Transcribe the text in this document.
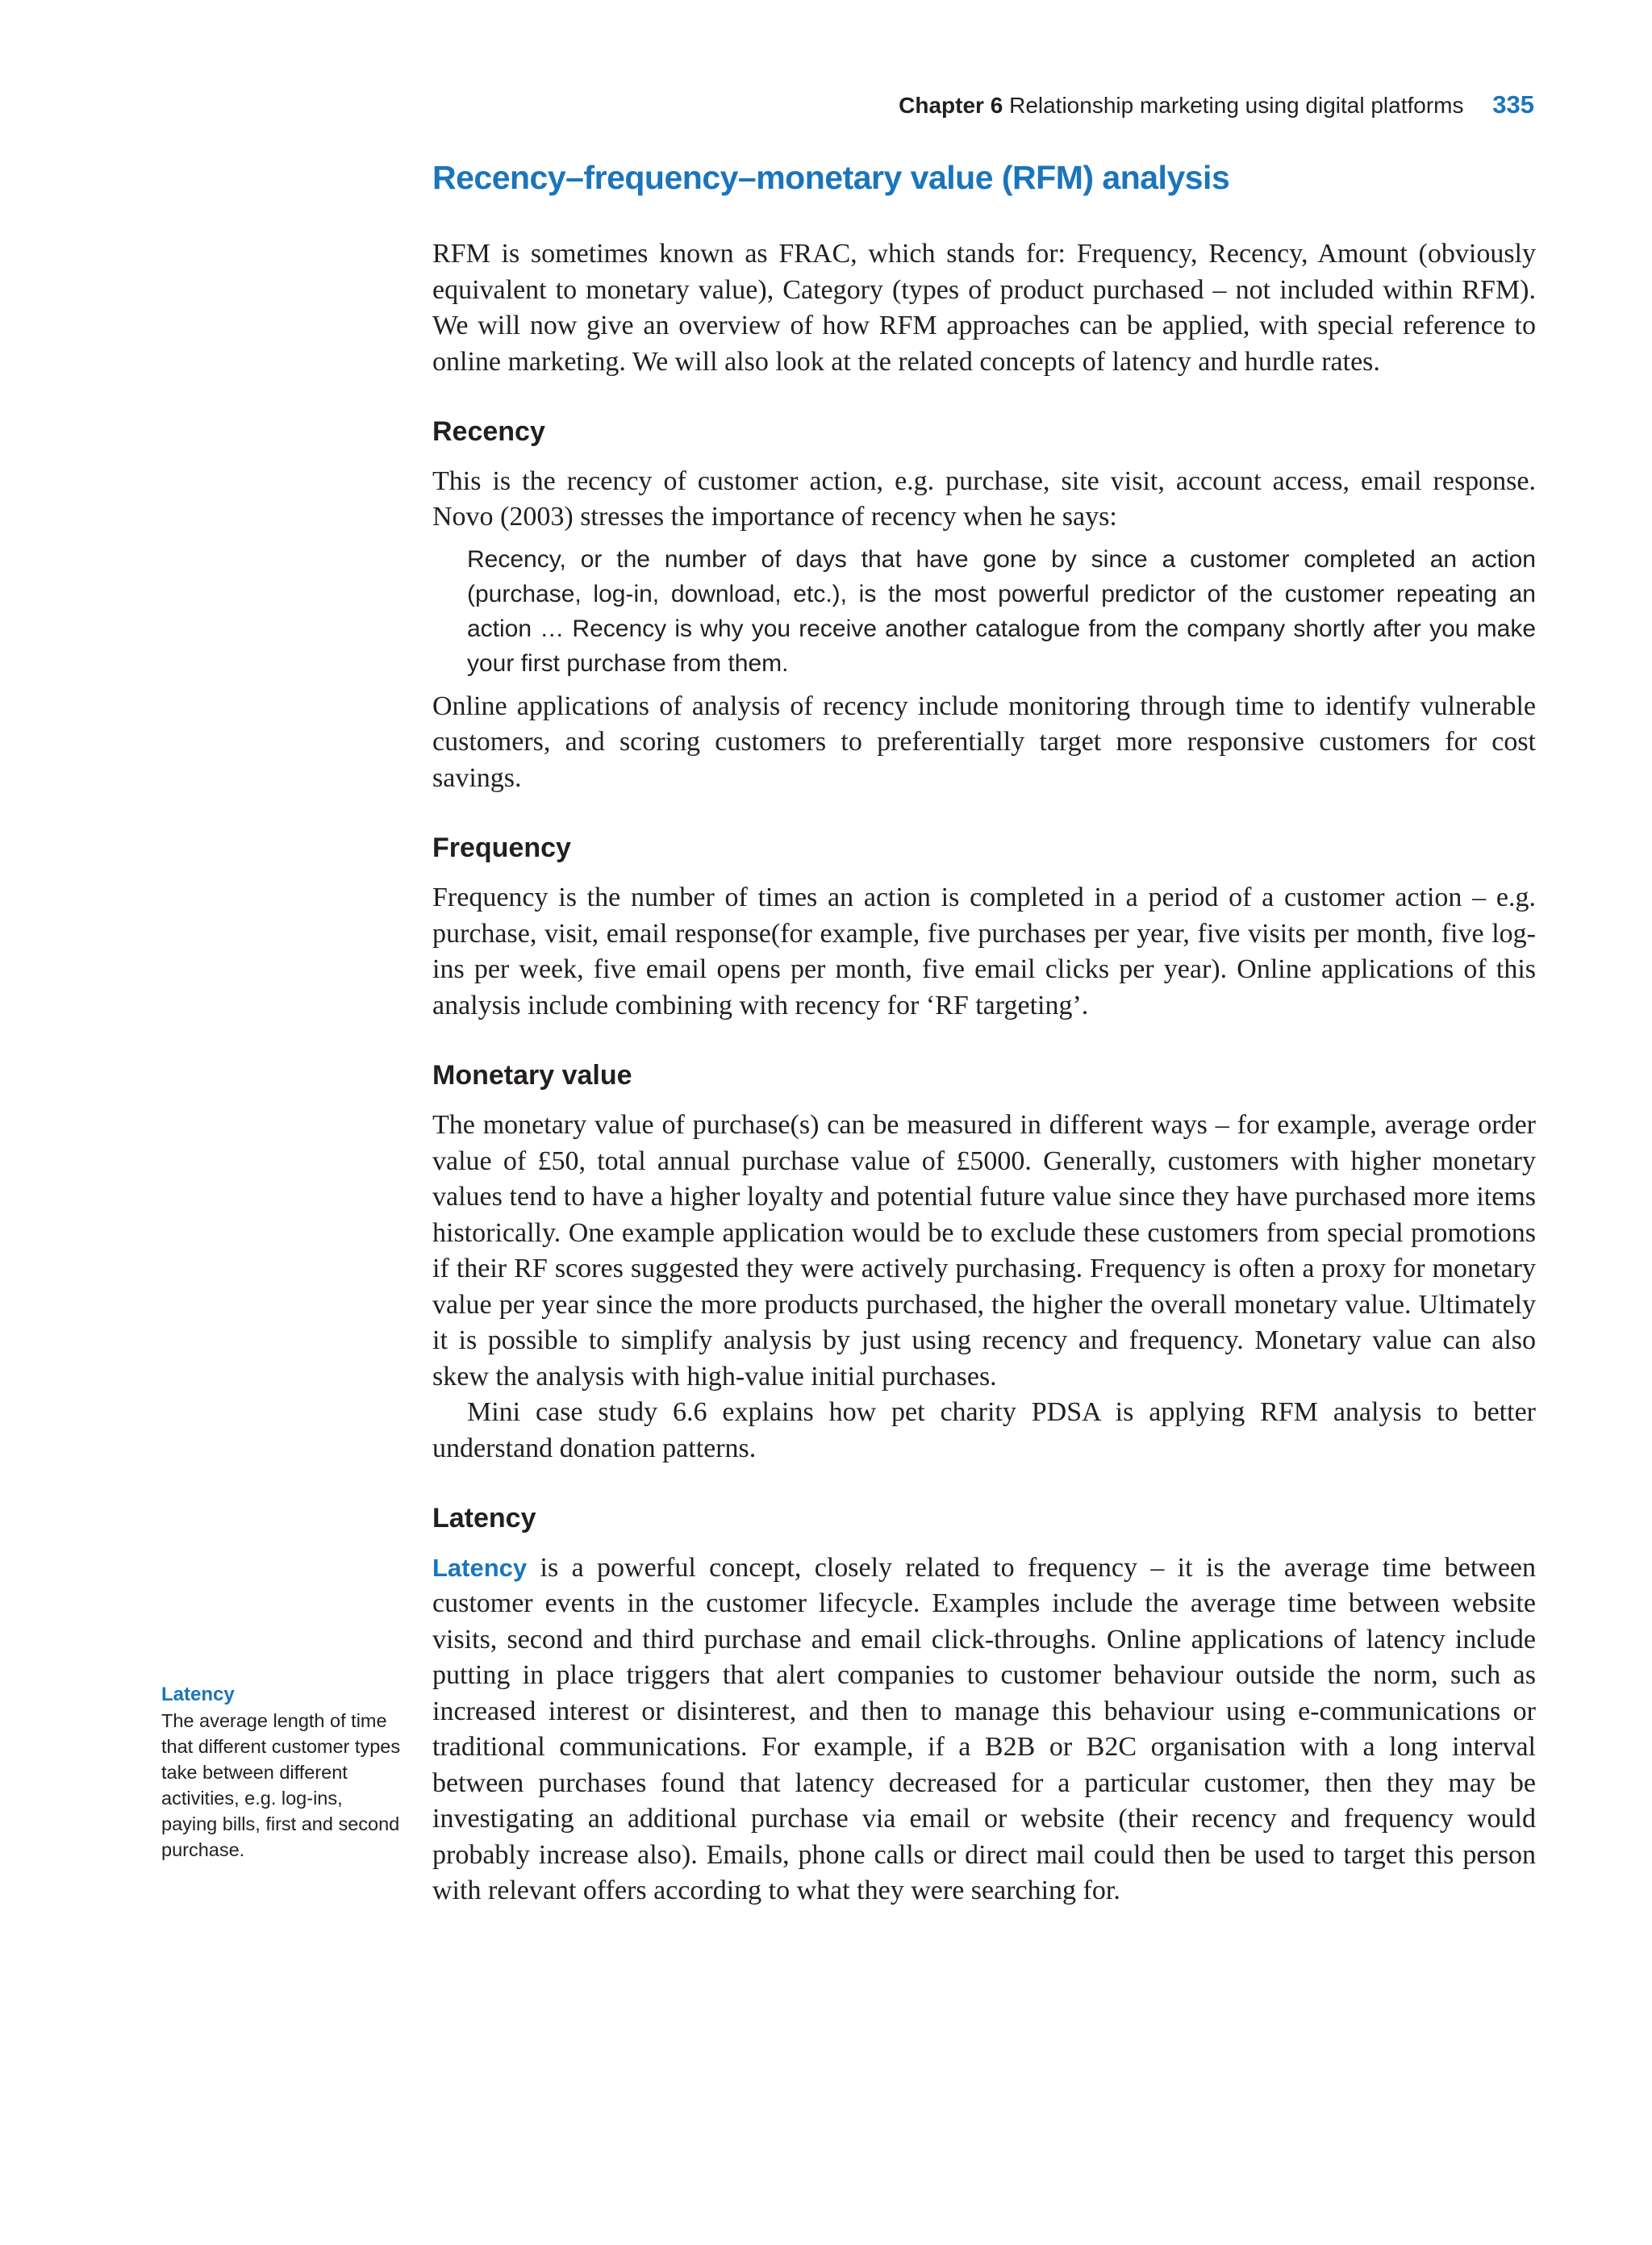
Chapter 6 Relationship marketing using digital platforms 335
Recency–frequency–monetary value (RFM) analysis

RFM is sometimes known as FRAC, which stands for: Frequency, Recency, Amount (obviously equivalent to monetary value), Category (types of product purchased – not included within RFM). We will now give an overview of how RFM approaches can be applied, with special reference to online marketing. We will also look at the related concepts of latency and hurdle rates.

Recency

This is the recency of customer action, e.g. purchase, site visit, account access, email response. Novo (2003) stresses the importance of recency when he says:

Recency, or the number of days that have gone by since a customer completed an action (purchase, log-in, download, etc.), is the most powerful predictor of the customer repeating an action … Recency is why you receive another catalogue from the company shortly after you make your first purchase from them.

Online applications of analysis of recency include monitoring through time to identify vulnerable customers, and scoring customers to preferentially target more responsive customers for cost savings.

Frequency

Frequency is the number of times an action is completed in a period of a customer action – e.g. purchase, visit, email response(for example, five purchases per year, five visits per month, five log-ins per week, five email opens per month, five email clicks per year). Online applications of this analysis include combining with recency for ‘RF targeting’.

Monetary value

The monetary value of purchase(s) can be measured in different ways – for example, average order value of £50, total annual purchase value of £5000. Generally, customers with higher monetary values tend to have a higher loyalty and potential future value since they have purchased more items historically. One example application would be to exclude these customers from special promotions if their RF scores suggested they were actively purchasing. Frequency is often a proxy for monetary value per year since the more products purchased, the higher the overall monetary value. Ultimately it is possible to simplify analysis by just using recency and frequency. Monetary value can also skew the analysis with high-value initial purchases.

Mini case study 6.6 explains how pet charity PDSA is applying RFM analysis to better understand donation patterns.

Latency

Latency is a powerful concept, closely related to frequency – it is the average time between customer events in the customer lifecycle. Examples include the average time between website visits, second and third purchase and email click-throughs. Online applications of latency include putting in place triggers that alert companies to customer behaviour outside the norm, such as increased interest or disinterest, and then to manage this behaviour using e-communications or traditional communications. For example, if a B2B or B2C organisation with a long interval between purchases found that latency decreased for a particular customer, then they may be investigating an additional purchase via email or website (their recency and frequency would probably increase also). Emails, phone calls or direct mail could then be used to target this person with relevant offers according to what they were searching for.

Latency
The average length of time that different customer types take between different activities, e.g. log-ins, paying bills, first and second purchase.
